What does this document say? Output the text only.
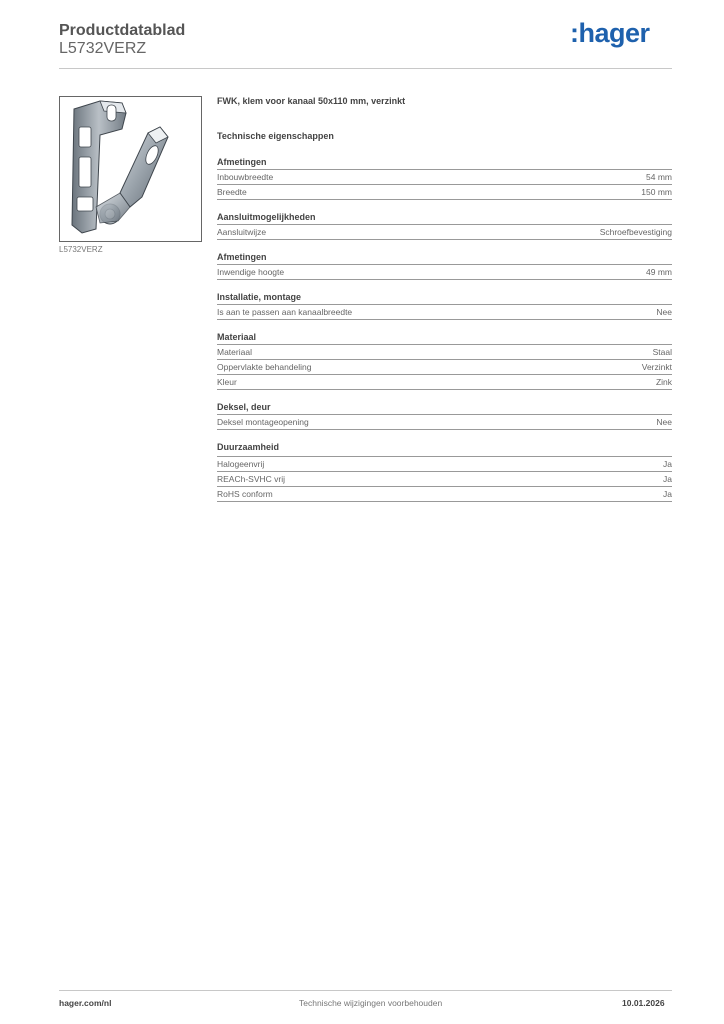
Productdatablad
L5732VERZ
:hager
L5732VERZ
FWK, klem voor kanaal 50x110 mm, verzinkt
Technische eigenschappen
Afmetingen
Inbouwbreedte	54 mm
Breedte	150 mm
Aansluitmogelijkheden
Aansluitwijze	Schroefbevestiging
Afmetingen
Inwendige hoogte	49 mm
Installatie, montage
Is aan te passen aan kanaalbreedte	Nee
Materiaal
Materiaal	Staal
Oppervlakte behandeling	Verzinkt
Kleur	Zink
Deksel, deur
Deksel montageopening	Nee
Duurzaamheid
Halogeenvrij	Ja
REACh-SVHC vrij	Ja
RoHS conform	Ja
hager.com/nl	Technische wijzigingen voorbehouden	10.01.2026
